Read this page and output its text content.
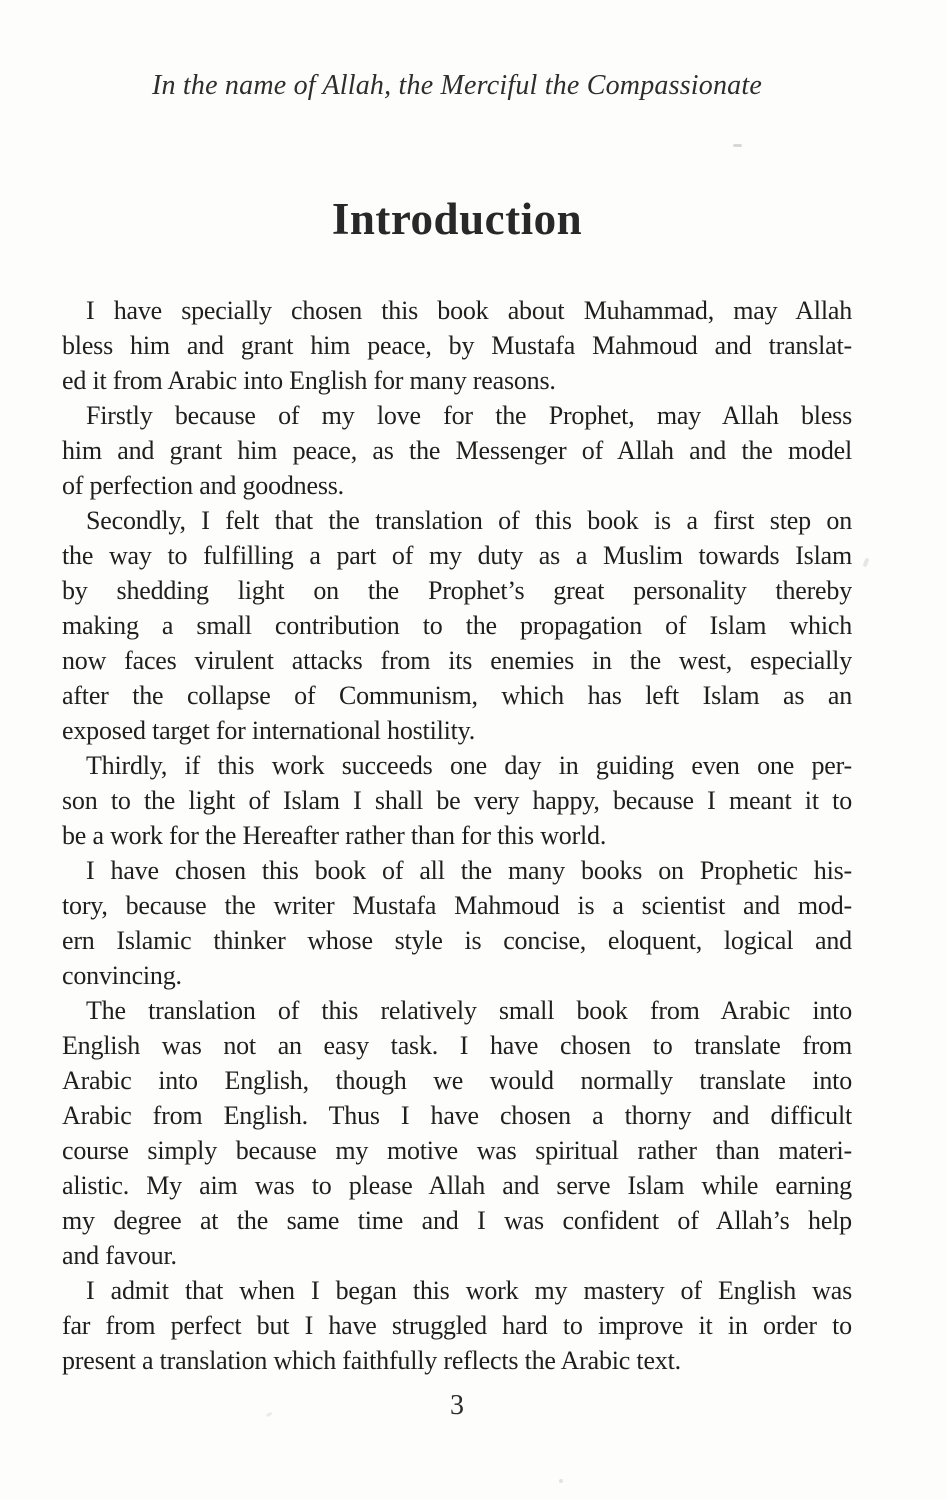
In the name of Allah, the Merciful the Compassionate
Introduction
I have specially chosen this book about Muhammad, may Allah
bless him and grant him peace, by Mustafa Mahmoud and translat-
ed it from Arabic into English for many reasons.
Firstly because of my love for the Prophet, may Allah bless
him and grant him peace, as the Messenger of Allah and the model
of perfection and goodness.
Secondly, I felt that the translation of this book is a first step on
the way to fulfilling a part of my duty as a Muslim towards Islam
by shedding light on the Prophet’s great personality thereby
making a small contribution to the propagation of Islam which
now faces virulent attacks from its enemies in the west, especially
after the collapse of Communism, which has left Islam as an
exposed target for international hostility.
Thirdly, if this work succeeds one day in guiding even one per-
son to the light of Islam I shall be very happy, because I meant it to
be a work for the Hereafter rather than for this world.
I have chosen this book of all the many books on Prophetic his-
tory, because the writer Mustafa Mahmoud is a scientist and mod-
ern Islamic thinker whose style is concise, eloquent, logical and
convincing.
The translation of this relatively small book from Arabic into
English was not an easy task. I have chosen to translate from
Arabic into English, though we would normally translate into
Arabic from English. Thus I have chosen a thorny and difficult
course simply because my motive was spiritual rather than materi-
alistic. My aim was to please Allah and serve Islam while earning
my degree at the same time and I was confident of Allah’s help
and favour.
I admit that when I began this work my mastery of English was
far from perfect but I have struggled hard to improve it in order to
present a translation which faithfully reflects the Arabic text.
3
